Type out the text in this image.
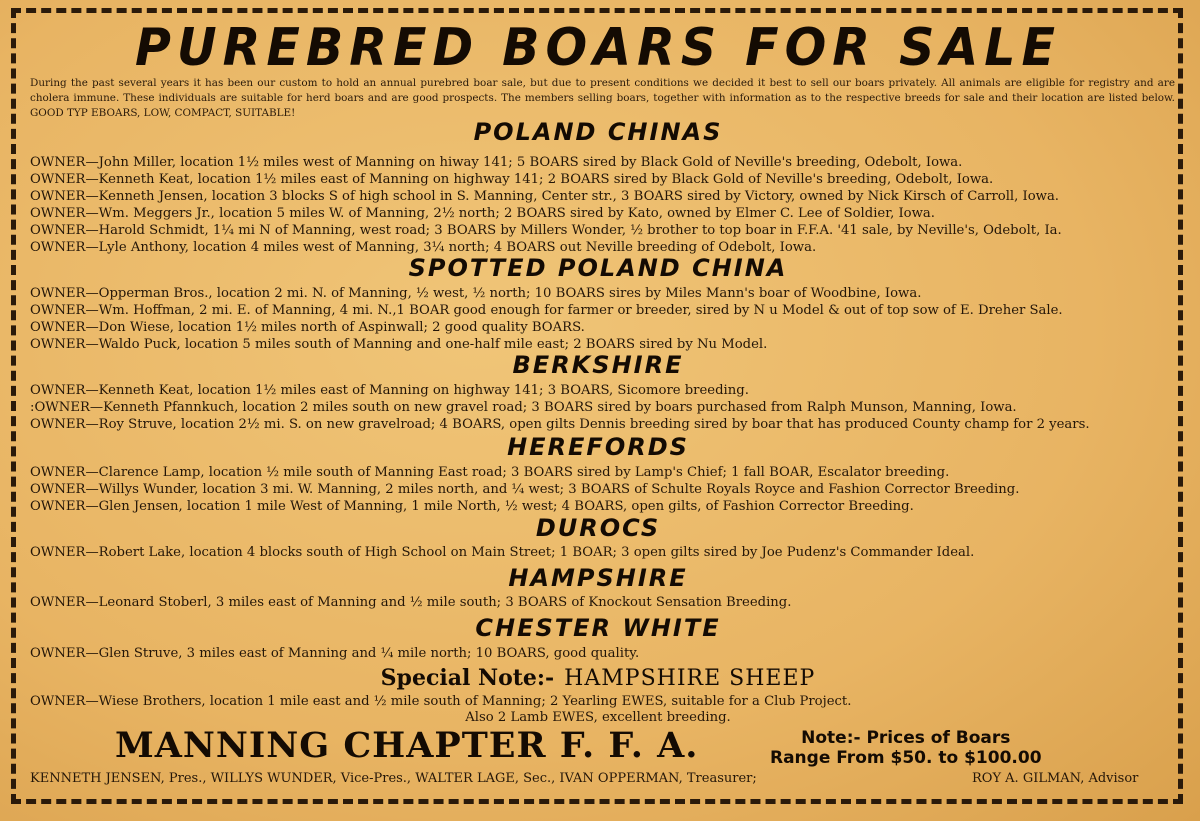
PUREBRED BOARS FOR SALE
During the past several years it has been our custom to hold an annual purebred boar sale, but due to present conditions we decided it best to sell our boars privately. All animals are eligible for registry and are cholera immune. These individuals are suitable for herd boars and are good prospects. The members selling boars, together with information as to the respective breeds for sale and their location are listed below. GOOD TYP EBOARS, LOW, COMPACT, SUITABLE!
POLAND CHINAS
OWNER—John Miller, location 1½ miles west of Manning on hiway 141; 5 BOARS sired by Black Gold of Neville's breeding, Odebolt, Iowa.
OWNER—Kenneth Keat, location 1½ miles east of Manning on highway 141; 2 BOARS sired by Black Gold of Neville's breeding, Odebolt, Iowa.
OWNER—Kenneth Jensen, location 3 blocks S of high school in S. Manning, Center str., 3 BOARS sired by Victory, owned by Nick Kirsch of Carroll, Iowa.
OWNER—Wm. Meggers Jr., location 5 miles W. of Manning, 2½ north; 2 BOARS sired by Kato, owned by Elmer C. Lee of Soldier, Iowa.
OWNER—Harold Schmidt, 1¼ mi N of Manning, west road; 3 BOARS by Millers Wonder, ½ brother to top boar in F.F.A. '41 sale, by Neville's, Odebolt, Ia.
OWNER—Lyle Anthony, location 4 miles west of Manning, 3¼ north; 4 BOARS out Neville breeding of Odebolt, Iowa.
SPOTTED POLAND CHINA
OWNER—Opperman Bros., location 2 mi. N. of Manning, ½ west, ½ north; 10 BOARS sires by Miles Mann's boar of Woodbine, Iowa.
OWNER—Wm. Hoffman, 2 mi. E. of Manning, 4 mi. N.,1 BOAR good enough for farmer or breeder, sired by N u Model & out of top sow of E. Dreher Sale.
OWNER—Don Wiese, location 1½ miles north of Aspinwall; 2 good quality BOARS.
OWNER—Waldo Puck, location 5 miles south of Manning and one-half mile east; 2 BOARS sired by Nu Model.
BERKSHIRE
OWNER—Kenneth Keat, location 1½ miles east of Manning on highway 141; 3 BOARS, Sicomore breeding.
:OWNER—Kenneth Pfannkuch, location 2 miles south on new gravel road; 3 BOARS sired by boars purchased from Ralph Munson, Manning, Iowa.
OWNER—Roy Struve, location 2½ mi. S. on new gravelroad; 4 BOARS, open gilts Dennis breeding sired by boar that has produced County champ for 2 years.
HEREFORDS
OWNER—Clarence Lamp, location ½ mile south of Manning East road; 3 BOARS sired by Lamp's Chief; 1 fall BOAR, Escalator breeding.
OWNER—Willys Wunder, location 3 mi. W. Manning, 2 miles north, and ¼ west; 3 BOARS of Schulte Royals Royce and Fashion Corrector Breeding.
OWNER—Glen Jensen, location 1 mile West of Manning, 1 mile North, ½ west; 4 BOARS, open gilts, of Fashion Corrector Breeding.
DUROCS
OWNER—Robert Lake, location 4 blocks south of High School on Main Street; 1 BOAR; 3 open gilts sired by Joe Pudenz's Commander Ideal.
HAMPSHIRE
OWNER—Leonard Stoberl, 3 miles east of Manning and ½ mile south; 3 BOARS of Knockout Sensation Breeding.
CHESTER WHITE
OWNER—Glen Struve, 3 miles east of Manning and ¼ mile north; 10 BOARS, good quality.
Special Note:- HAMPSHIRE SHEEP
OWNER—Wiese Brothers, location 1 mile east and ½ mile south of Manning; 2 Yearling EWES, suitable for a Club Project.
Also 2 Lamb EWES, excellent breeding.
MANNING CHAPTER F. F. A.	Note:- Prices of Boars
Range From $50. to $100.00
KENNETH JENSEN, Pres., WILLYS WUNDER, Vice-Pres., WALTER LAGE, Sec., IVAN OPPERMAN, Treasurer;	ROY A. GILMAN, Advisor
